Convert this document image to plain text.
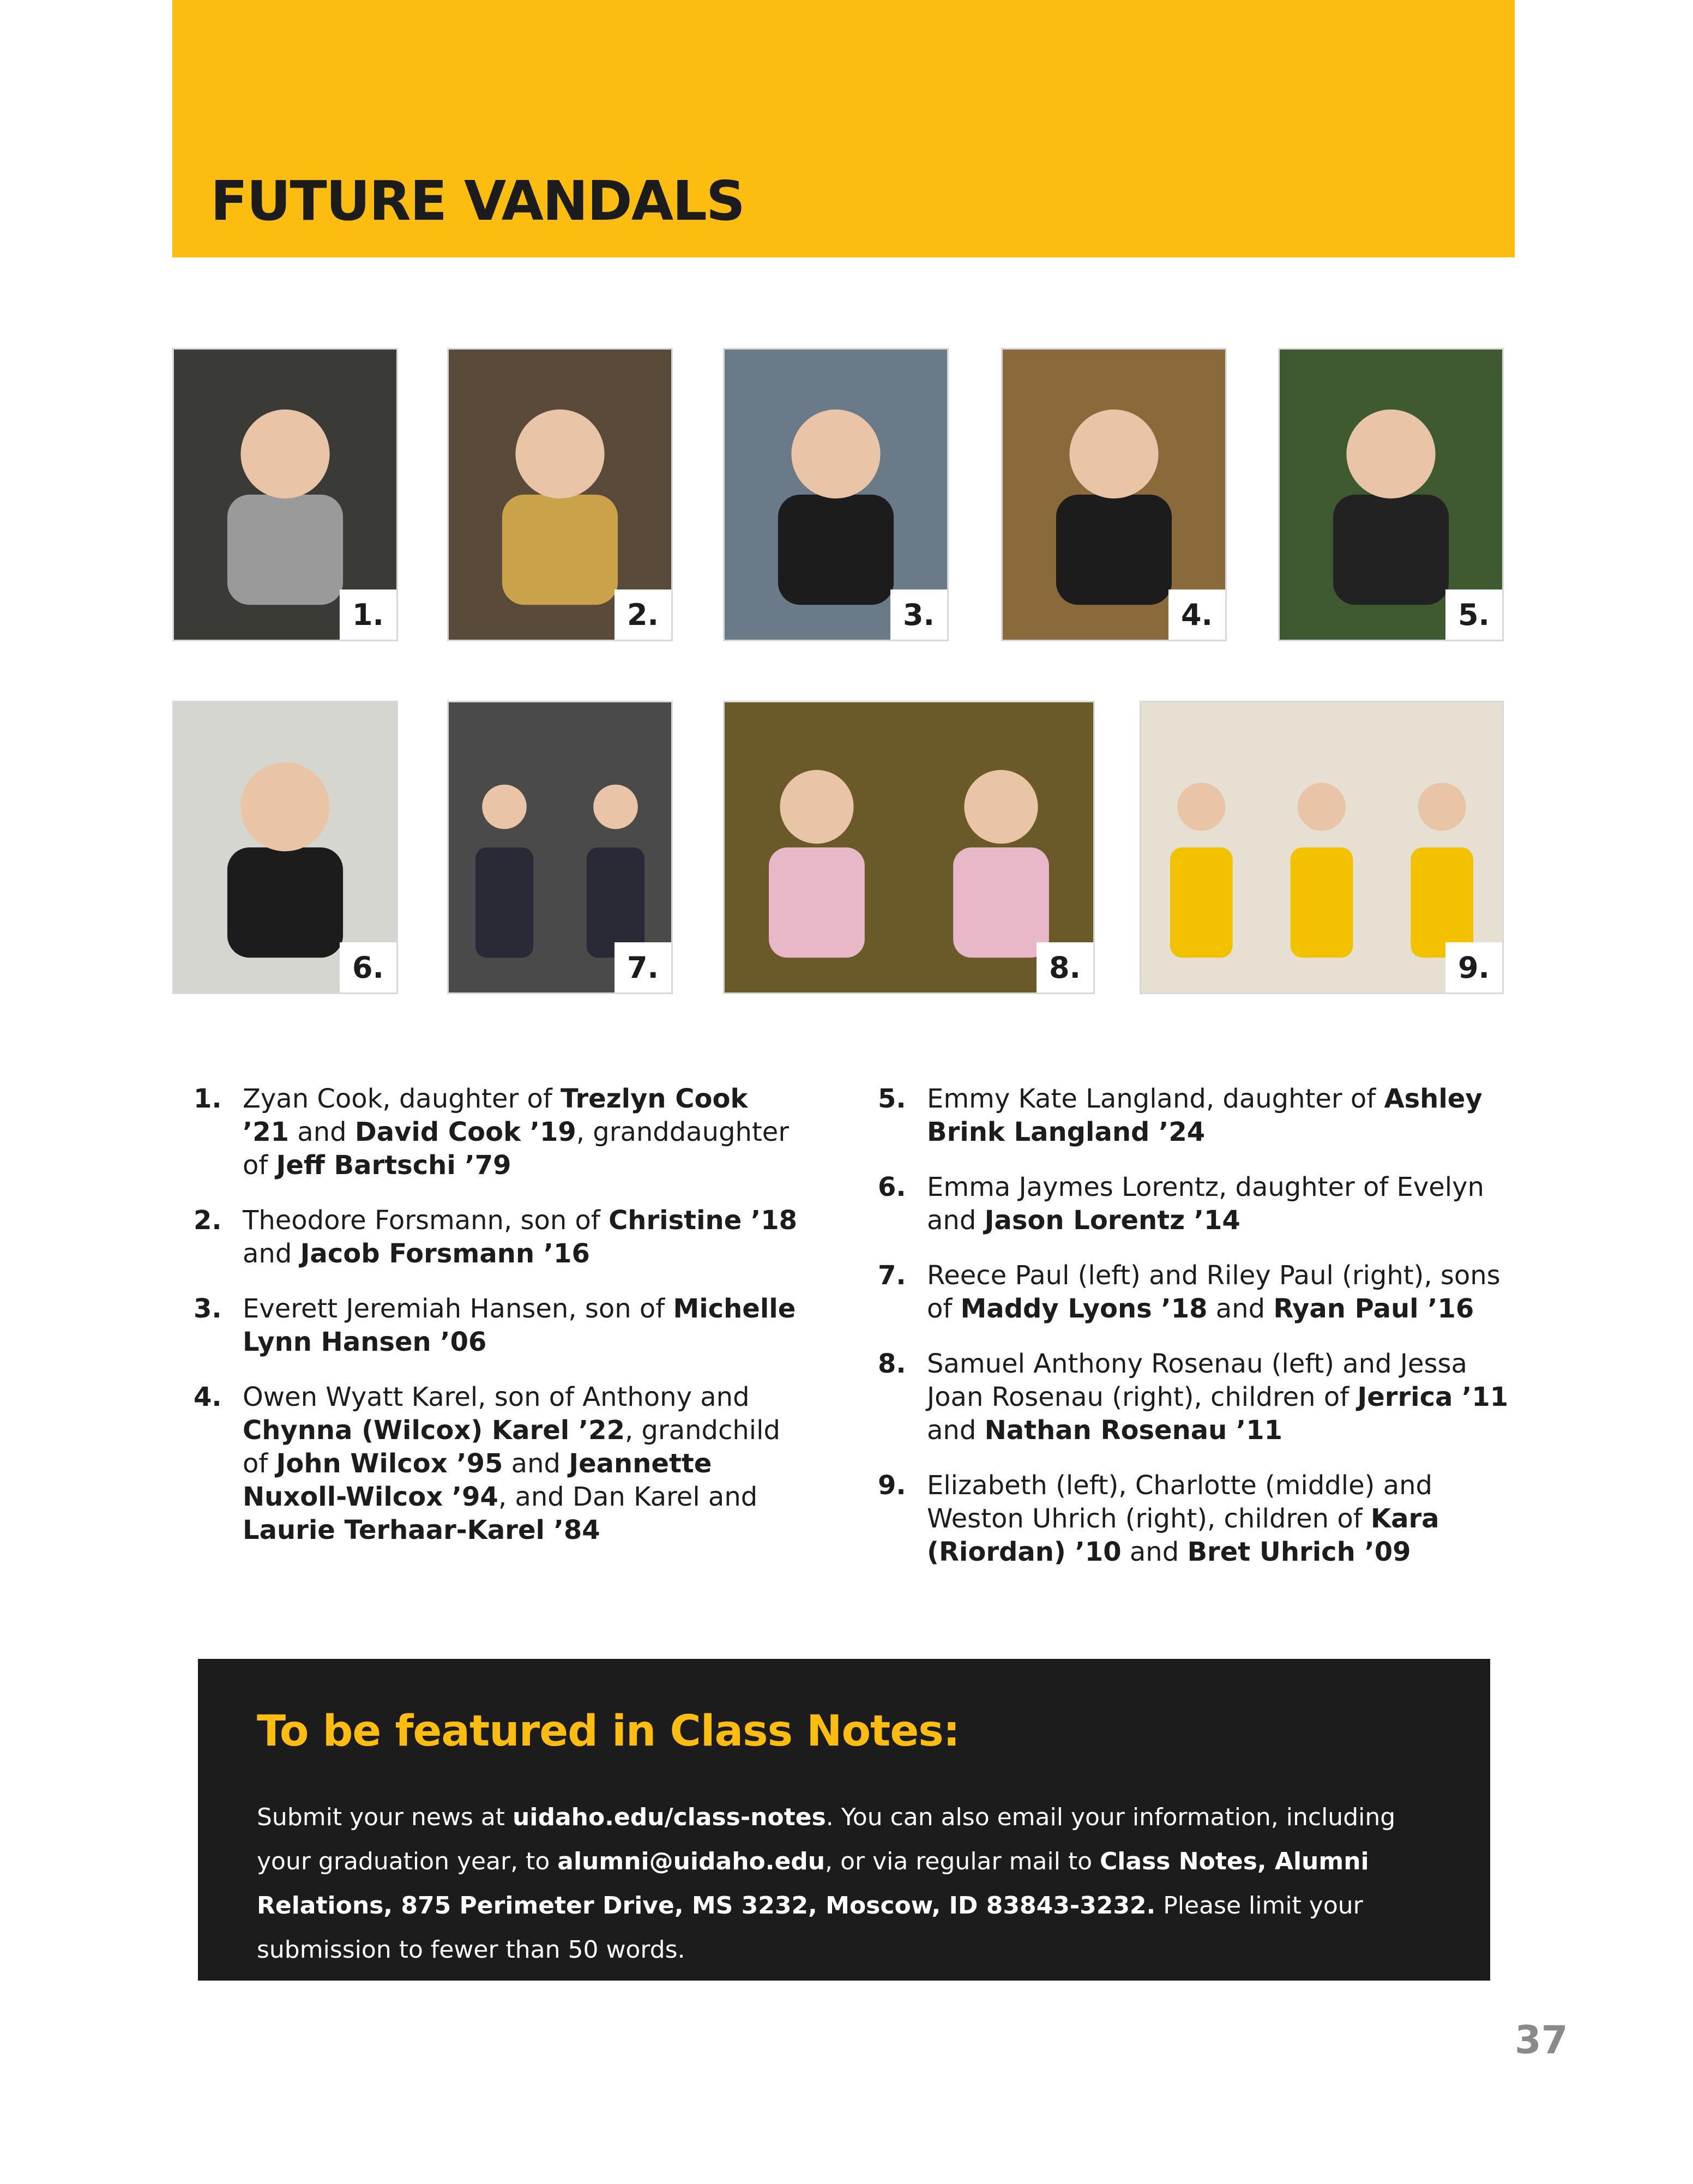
FUTURE VANDALS
1.	2.	3.	4.	5.
6.	7.	8.	9.
1. Zyan Cook, daughter of Trezlyn Cook ’21 and David Cook ’19, granddaughter of Jeff Bartschi ’79
2. Theodore Forsmann, son of Christine ’18 and Jacob Forsmann ’16
3. Everett Jeremiah Hansen, son of Michelle Lynn Hansen ’06
4. Owen Wyatt Karel, son of Anthony and Chynna (Wilcox) Karel ’22, grandchild of John Wilcox ’95 and Jeannette Nuxoll-Wilcox ’94, and Dan Karel and Laurie Terhaar-Karel ’84
5. Emmy Kate Langland, daughter of Ashley Brink Langland ’24
6. Emma Jaymes Lorentz, daughter of Evelyn and Jason Lorentz ’14
7. Reece Paul (left) and Riley Paul (right), sons of Maddy Lyons ’18 and Ryan Paul ’16
8. Samuel Anthony Rosenau (left) and Jessa Joan Rosenau (right), children of Jerrica ’11 and Nathan Rosenau ’11
9. Elizabeth (left), Charlotte (middle) and Weston Uhrich (right), children of Kara (Riordan) ’10 and Bret Uhrich ’09
To be featured in Class Notes:

Submit your news at uidaho.edu/class-notes. You can also email your information, including your graduation year, to alumni@uidaho.edu, or via regular mail to Class Notes, Alumni Relations, 875 Perimeter Drive, MS 3232, Moscow, ID 83843-3232. Please limit your submission to fewer than 50 words.

37
